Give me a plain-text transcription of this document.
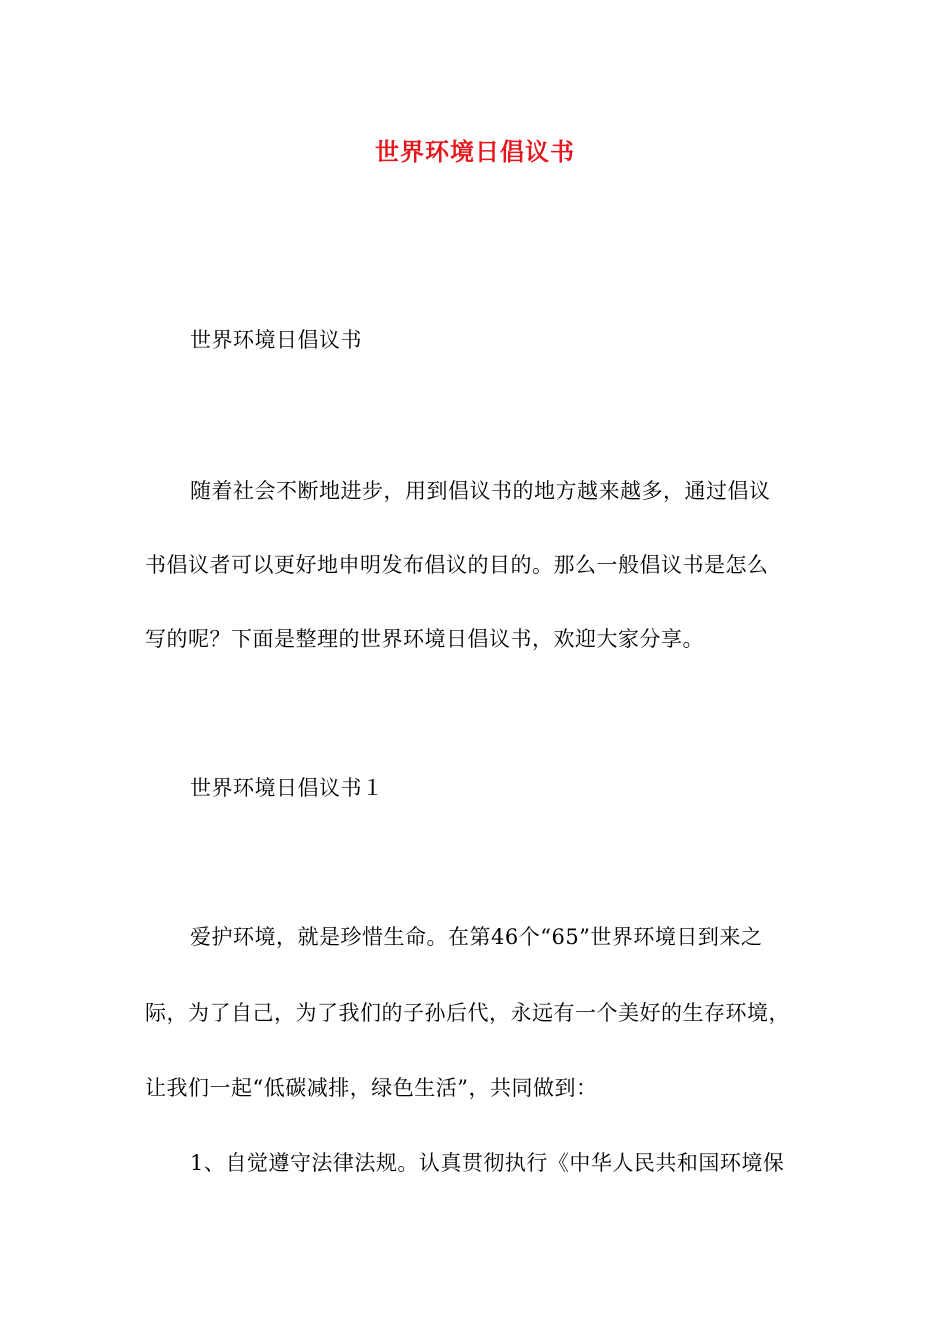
世界环境日倡议书
世界环境日倡议书
随着社会不断地进步，用到倡议书的地方越来越多，通过倡议
书倡议者可以更好地申明发布倡议的目的。那么一般倡议书是怎么
写的呢？下面是整理的世界环境日倡议书，欢迎大家分享。
世界环境日倡议书１
爱护环境，就是珍惜生命。在第46个“65”世界环境日到来之
际，为了自己，为了我们的子孙后代，永远有一个美好的生存环境，
让我们一起“低碳减排，绿色生活”，共同做到：
1、自觉遵守法律法规。认真贯彻执行《中华人民共和国环境保
